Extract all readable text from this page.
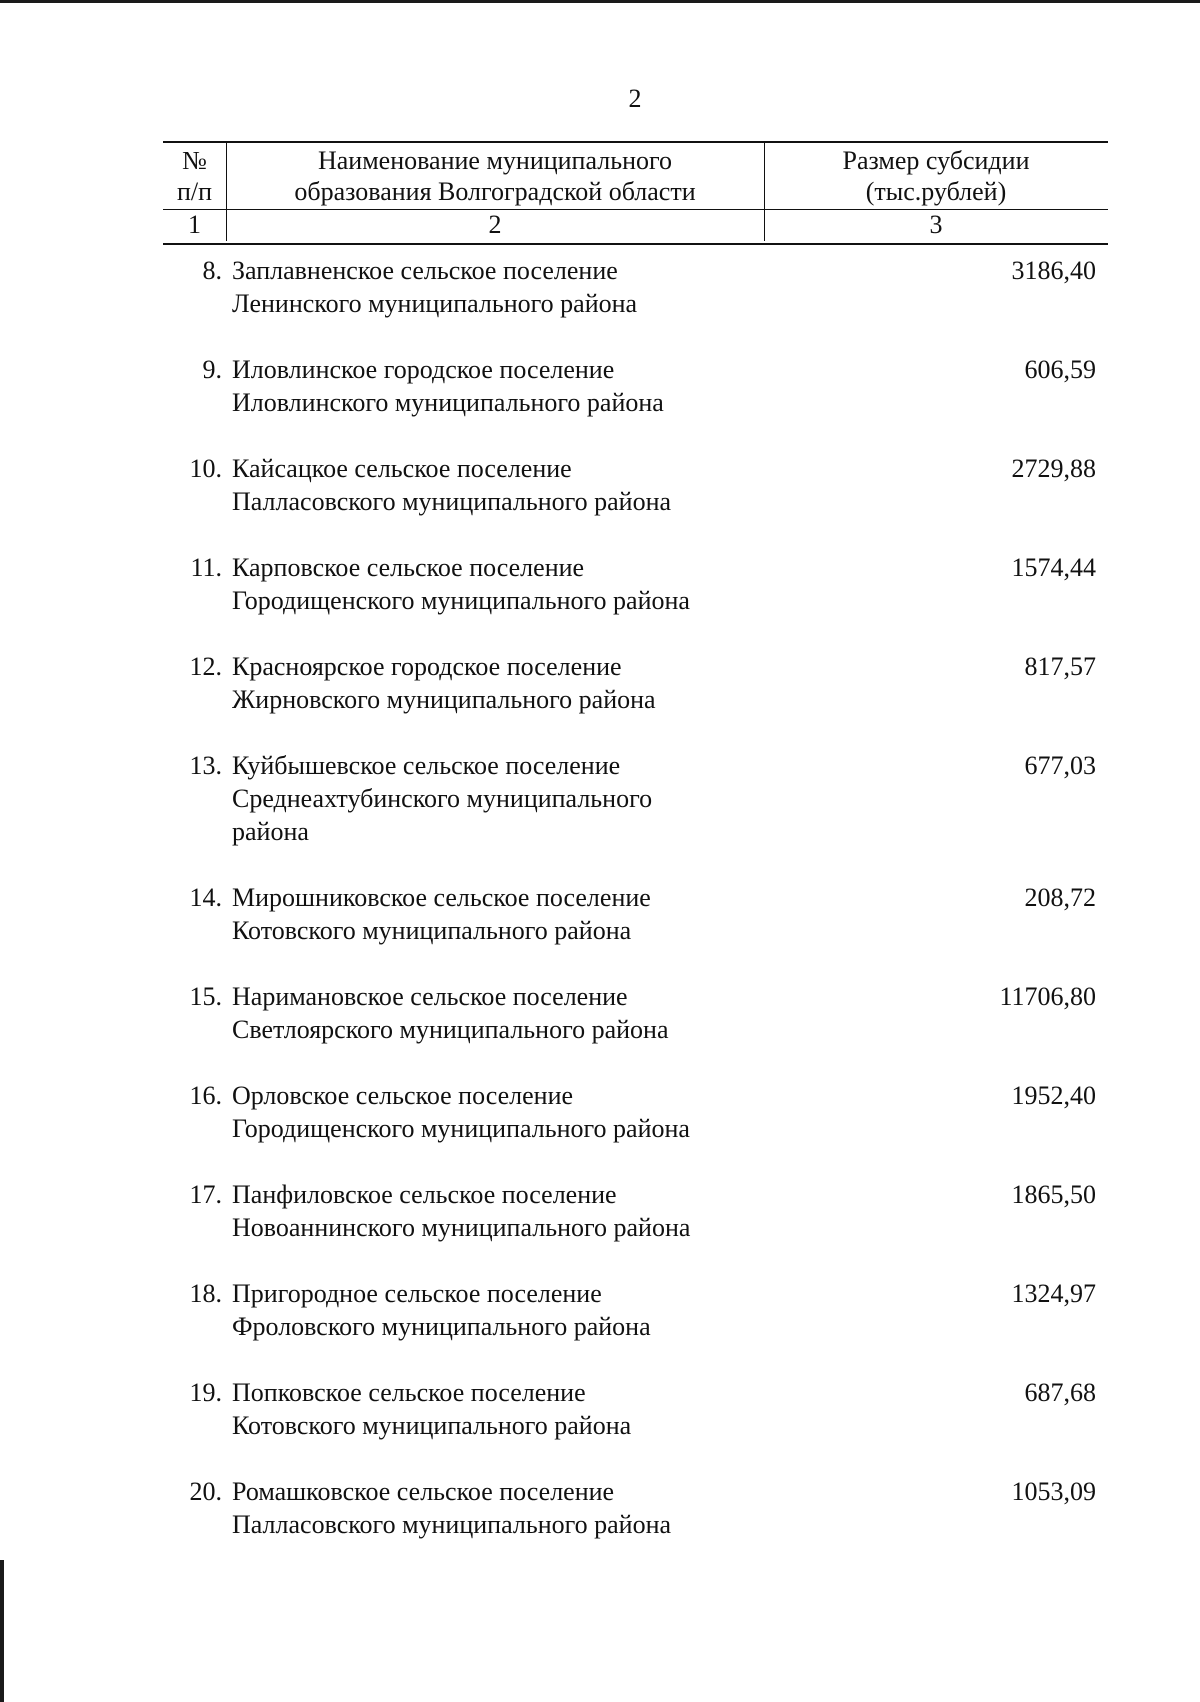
2
№
п/п
Наименование муниципального
образования Волгоградской области
Размер субсидии
(тыс.рублей)
1	2	3
8. Заплавненское сельское поселение
Ленинского муниципального района
3186,40
9. Иловлинское городское поселение
Иловлинского муниципального района
606,59
10. Кайсацкое сельское поселение
Палласовского муниципального района
2729,88
11. Карповское сельское поселение
Городищенского муниципального района
1574,44
12. Красноярское городское поселение
Жирновского муниципального района
817,57
13. Куйбышевское сельское поселение
Среднеахтубинского муниципального
района
677,03
14. Мирошниковское сельское поселение
Котовского муниципального района
208,72
15. Наримановское сельское поселение
Светлоярского муниципального района
11706,80
16. Орловское сельское поселение
Городищенского муниципального района
1952,40
17. Панфиловское сельское поселение
Новоаннинского муниципального района
1865,50
18. Пригородное сельское поселение
Фроловского муниципального района
1324,97
19. Попковское сельское поселение
Котовского муниципального района
687,68
20. Ромашковское сельское поселение
Палласовского муниципального района
1053,09
